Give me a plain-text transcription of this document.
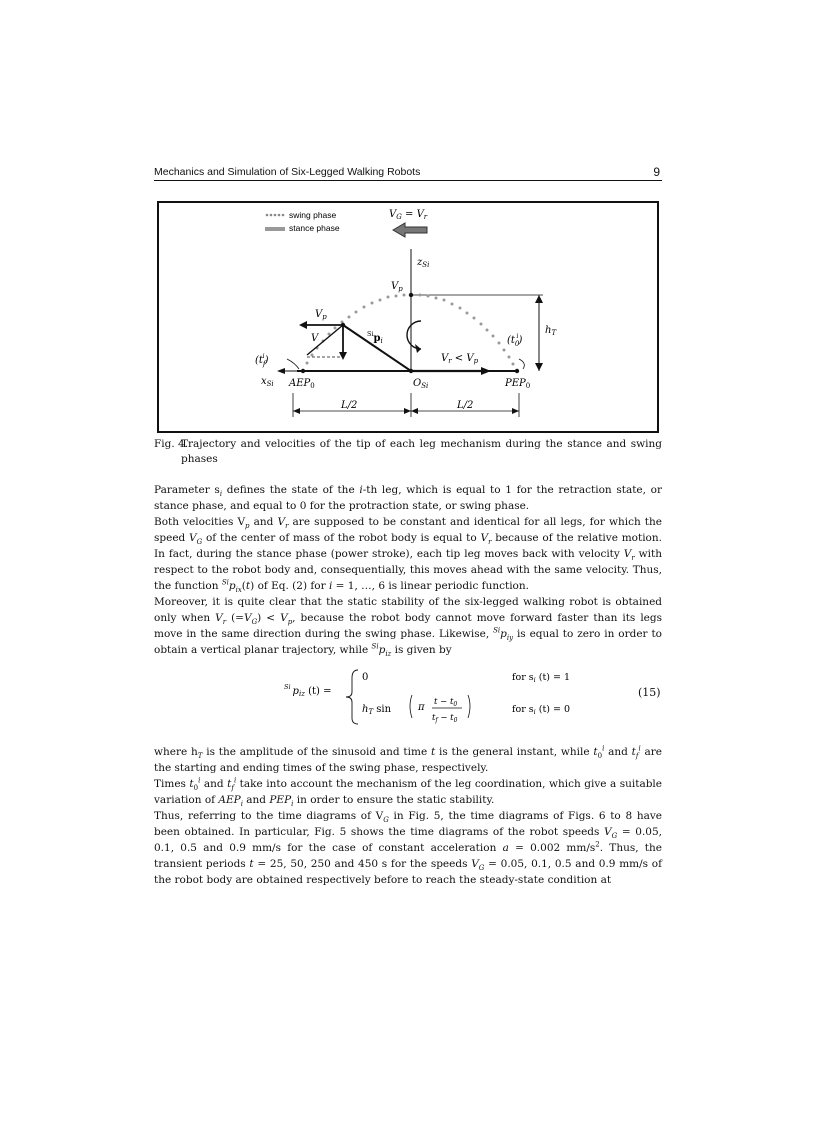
Mechanics and Simulation of Six-Legged Walking Robots	9
swing phase
stance phase
$V_G = V_r$
$z_{Si}$
$V_r < V_p$
$V_p$
$^{Si}p_i$
$V_p$
V
$(t_fi)$
$(t_0i)$
$h_T$
$x_{Si}$ $AEP_0$	$O_{Si}$	$PEP_0$
L/2	L/2
Fig. 4.
Trajectory and velocities of the tip of each leg mechanism during the stance and swing phases

Parameter $s_i$ defines the state of the i-th leg, which is equal to 1 for the retraction state, or stance phase, and equal to 0 for the protraction state, or swing phase.

Both velocities $V_p$ and $V_r$ are supposed to be constant and identical for all legs, for which the speed $V_G$ of the center of mass of the robot body is equal to $V_r$ because of the relative motion. In fact, during the stance phase (power stroke), each tip leg moves back with velocity $V_r$ with respect to the robot body and, consequentially, this moves ahead with the same velocity. Thus, the function $^{Si}p_{ix}(t)$ of Eq. (2) for i = 1, …, 6 is linear periodic function.

Moreover, it is quite clear that the static stability of the six-legged walking robot is obtained only when $V_r$ $(=V_G) < V_p$, because the robot body cannot move forward faster than its legs move in the same direction during the swing phase. Likewise, $^{Si}p_{iy}$ is equal to zero in order to obtain a vertical planar trajectory, while $^{Si}p_{iz}$ is given by

$^{Si}$ $p_{iz}$ (t) =
0	for $s_i$ (t) = 1
$h_T$ sin	π $t - t_0$
$t_f - t_0$
for $s_i$ (t) = 0
(15)

where $h_T$ is the amplitude of the sinusoid and time t is the general instant, while $t_0^i$ and $t_f^i$ are the starting and ending times of the swing phase, respectively.

Times $t_0^i$ and $t_f^i$ take into account the mechanism of the leg coordination, which give a suitable variation of $AEP_i$ and $PEP_i$ in order to ensure the static stability.

Thus, referring to the time diagrams of $V_G$ in Fig. 5, the time diagrams of Figs. 6 to 8 have been obtained. In particular, Fig. 5 shows the time diagrams of the robot speeds $V_G = 0.05$, 0.1, 0.5 and 0.9 mm/s for the case of constant acceleration a = 0.002 $mm/s^2$. Thus, the transient periods t = 25, 50, 250 and 450 s for the speeds $V_G = 0.05$, 0.1, 0.5 and 0.9 mm/s of the robot body are obtained respectively before to reach the steady-state condition at
